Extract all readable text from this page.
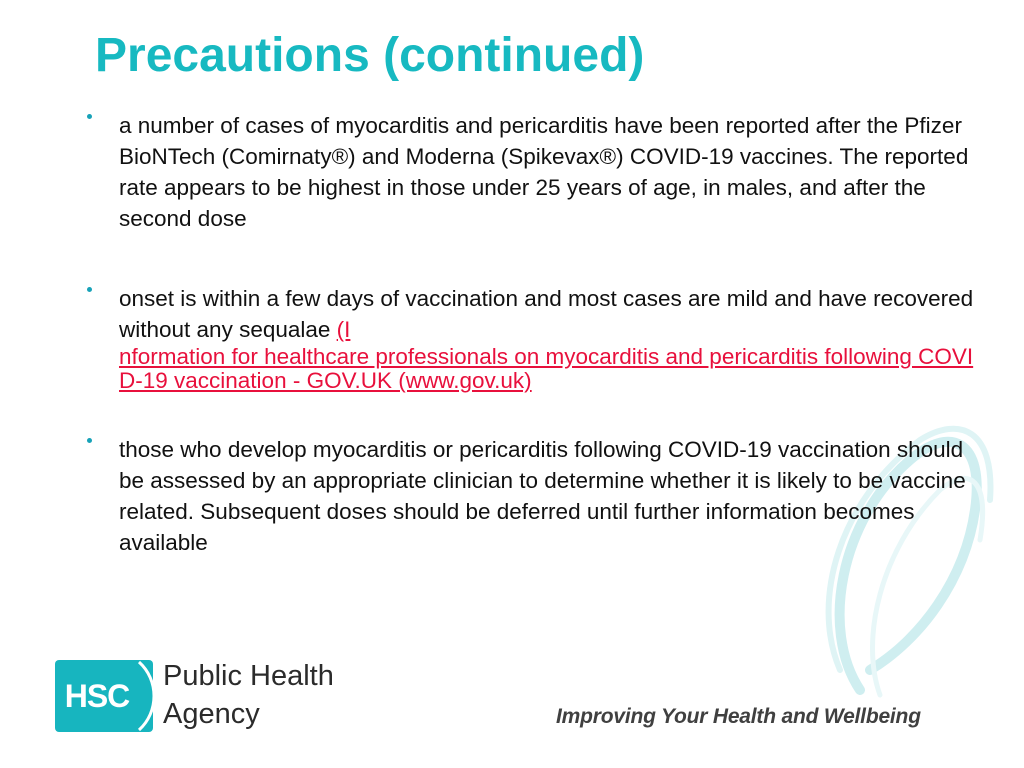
Precautions (continued)
a number of cases of myocarditis and pericarditis have been reported after the Pfizer BioNTech (Comirnaty®) and Moderna (Spikevax®) COVID-19 vaccines. The reported rate appears to be highest in those under 25 years of age, in males, and after the second dose
onset is within a few days of vaccination and most cases are mild and have recovered without any sequalae (I
nformation for healthcare professionals on myocarditis and pericarditis following COVID-19 vaccination - GOV.UK (www.gov.uk)
those who develop myocarditis or pericarditis following COVID-19 vaccination should be assessed by an appropriate clinician to determine whether it is likely to be vaccine related. Subsequent doses should be deferred until further information becomes available
HSC
Public Health
Agency	Improving Your Health and Wellbeing
